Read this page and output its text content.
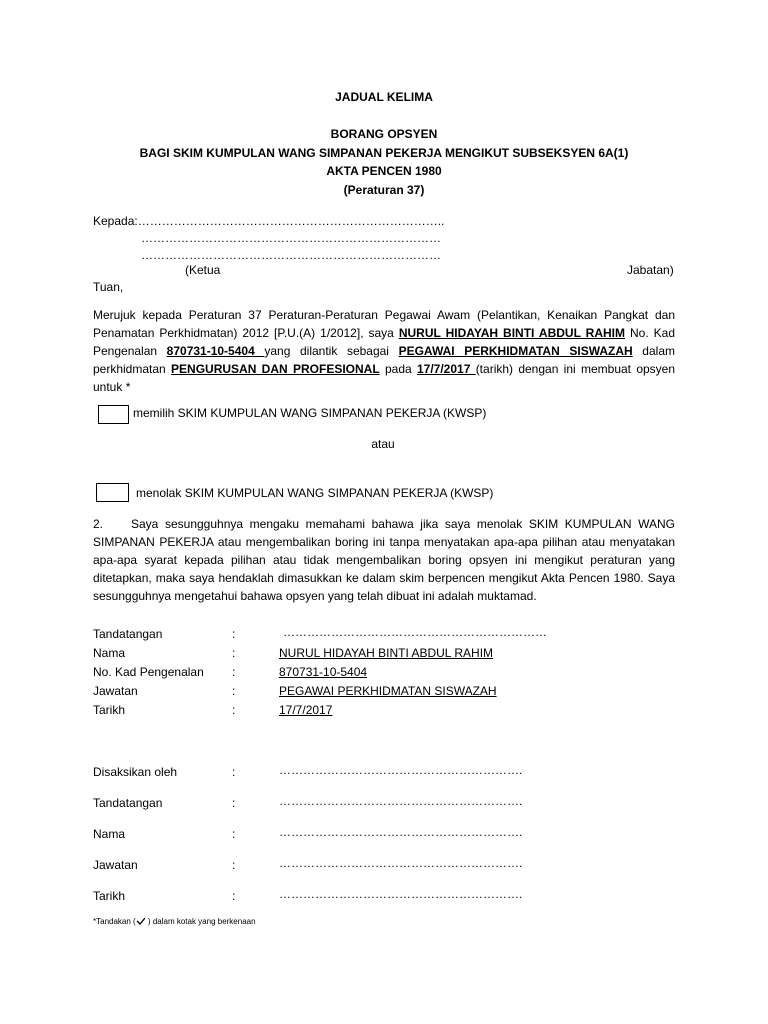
JADUAL KELIMA
BORANG OPSYEN
BAGI SKIM KUMPULAN WANG SIMPANAN PEKERJA MENGIKUT SUBSEKSYEN 6A(1)
AKTA PENCEN 1980
(Peraturan 37)
Kepada:…………………………………………………………………..
…………………………………………………………………
…………………………………………………………………
(Ketua	Jabatan)
Tuan,
Merujuk kepada Peraturan 37 Peraturan-Peraturan Pegawai Awam (Pelantikan, Kenaikan Pangkat dan Penamatan Perkhidmatan) 2012 [P.U.(A) 1/2012], saya NURUL HIDAYAH BINTI ABDUL RAHIM No. Kad Pengenalan 870731-10-5404 yang dilantik sebagai PEGAWAI PERKHIDMATAN SISWAZAH dalam perkhidmatan PENGURUSAN DAN PROFESIONAL pada 17/7/2017 (tarikh) dengan ini membuat opsyen untuk *
memilih SKIM KUMPULAN WANG SIMPANAN PEKERJA (KWSP)
atau
menolak SKIM KUMPULAN WANG SIMPANAN PEKERJA (KWSP)
2. Saya sesungguhnya mengaku memahami bahawa jika saya menolak SKIM KUMPULAN WANG SIMPANAN PEKERJA atau mengembalikan boring ini tanpa menyatakan apa-apa pilihan atau menyatakan apa-apa syarat kepada pilihan atau tidak mengembalikan boring opsyen ini mengikut peraturan yang ditetapkan, maka saya hendaklah dimasukkan ke dalam skim berpencen mengikut Akta Pencen 1980. Saya sesungguhnya mengetahui bahawa opsyen yang telah dibuat ini adalah muktamad.
Tandatangan	:	…………………………………………………………
Nama	:	NURUL HIDAYAH BINTI ABDUL RAHIM
No. Kad Pengenalan :	870731-10-5404
Jawatan	:	PEGAWAI PERKHIDMATAN SISWAZAH
Tarikh	:	17/7/2017
Disaksikan oleh	:	…………………………………………………….
Tandatangan	:	…………………………………………………….
Nama	:	…………………………………………………….
Jawatan	:	…………………………………………………….
Tarikh	:	…………………………………………………….
*Tandakan ( ) dalam kotak yang berkenaan
